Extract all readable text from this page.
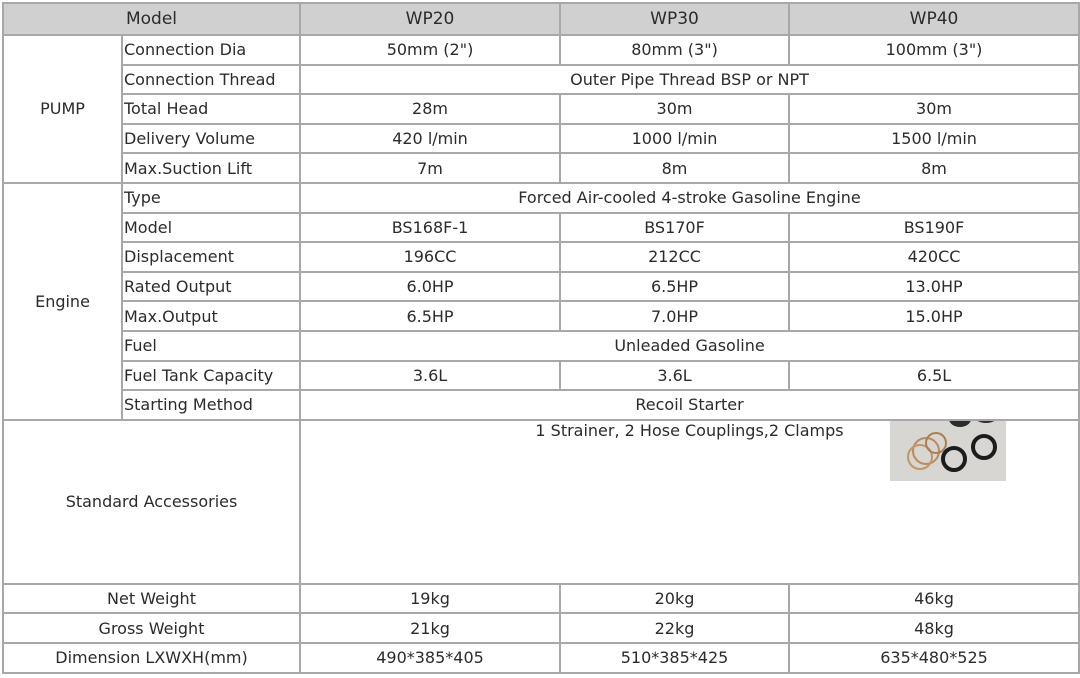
Model		WP20	WP30	WP40
PUMP	Connection Dia	50mm (2")	80mm (3")	100mm (3")
	Connection Thread	Outer Pipe Thread BSP or NPT		
	Total Head	28m	30m	30m
	Delivery Volume	420 l/min	1000 l/min	1500 l/min
	Max.Suction Lift	7m	8m	8m
Engine	Type	Forced Air-cooled 4-stroke Gasoline Engine		
	Model	BS168F-1	BS170F	BS190F
	Displacement	196CC	212CC	420CC
	Rated Output	6.0HP	6.5HP	13.0HP
	Max.Output	6.5HP	7.0HP	15.0HP
	Fuel	Unleaded Gasoline		
	Fuel Tank Capacity	3.6L	3.6L	6.5L
	Starting Method	Recoil Starter		
Standard Accessories		1 Strainer, 2 Hose Couplings,2 Clamps		

Net Weight		19kg	20kg	46kg
Gross Weight		21kg	22kg	48kg
Dimension LXWXH(mm)		490*385*405	510*385*425	635*480*525
